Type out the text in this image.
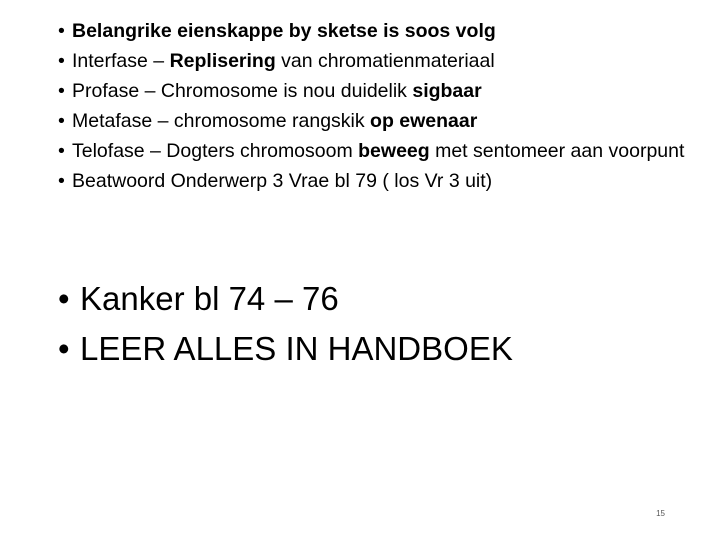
• Belangrike eienskappe by sketse is soos volg
• Interfase – Replisering van chromatienmateriaal
• Profase – Chromosome is nou duidelik sigbaar
• Metafase – chromosome rangskik op ewenaar
• Telofase – Dogters chromosoom beweeg met sentomeer aan voorpunt
• Beatwoord Onderwerp 3 Vrae bl 79 ( los Vr 3 uit)
• Kanker bl 74 – 76
• LEER ALLES IN HANDBOEK
15
